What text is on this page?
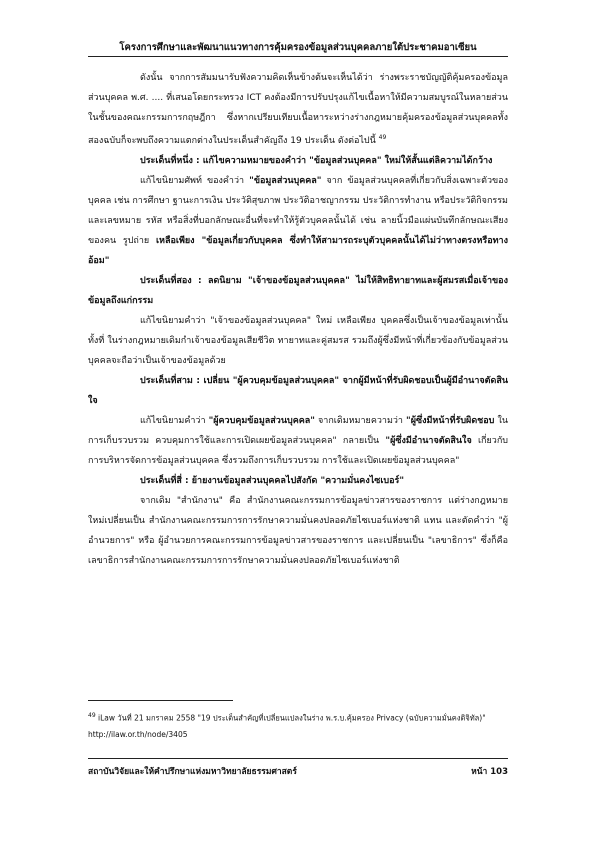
โครงการศึกษาและพัฒนาแนวทางการคุ้มครองข้อมูลส่วนบุคคลภายใต้ประชาคมอาเซียน

ดังนั้น จากการสัมมนารับฟังความคิดเห็นข้างต้นจะเห็นได้ว่า ร่างพระราชบัญญัติคุ้มครองข้อมูลส่วนบุคคล พ.ศ. .... ที่เสนอโดยกระทรวง ICT คงต้องมีการปรับปรุงแก้ไขเนื้อหาให้มีความสมบูรณ์ในหลายส่วนในชั้นของคณะกรรมการกฤษฎีกา ซึ่งหากเปรียบเทียบเนื้อหาระหว่างร่างกฎหมายคุ้มครองข้อมูลส่วนบุคคลทั้งสองฉบับก็จะพบถึงความแตกต่างในประเด็นสำคัญถึง 19 ประเด็น ดังต่อไปนี้ $^{49}$

ประเด็นที่หนึ่ง : แก้ไขความหมายของคำว่า "ข้อมูลส่วนบุคคล" ใหม่ให้สั้นแต่ลิความได้กว้าง

แก้ไขนิยามศัพท์ ของคำว่า "ข้อมูลส่วนบุคคล" จาก ข้อมูลส่วนบุคคลที่เกี่ยวกับสิ่งเฉพาะตัวของบุคคล เช่น การศึกษา ฐานะการเงิน ประวัติสุขภาพ ประวัติอาชญากรรม ประวัติการทำงาน หรือประวัติกิจกรรม และเลขหมาย รหัส หรือสิ่งที่บอกลักษณะอื่นที่จะทำให้รู้ตัวบุคคลนั้นได้ เช่น ลายนิ้วมือแผ่นบันทึกลักษณะเสียงของคน รูปถ่าย เหลือเพียง "ข้อมูลเกี่ยวกับบุคคล ซึ่งทำให้สามารถระบุตัวบุคคลนั้นได้ไม่ว่าทางตรงหรือทางอ้อม"

ประเด็นที่สอง : ลดนิยาม "เจ้าของข้อมูลส่วนบุคคล" ไม่ให้สิทธิทายาทและผู้สมรสเมื่อเจ้าของข้อมูลถึงแก่กรรม

แก้ไขนิยามคำว่า "เจ้าของข้อมูลส่วนบุคคล" ใหม่ เหลือเพียง บุคคลซึ่งเป็นเจ้าของข้อมูลเท่านั้น ทั้งที่ ในร่างกฎหมายเดิมกำเจ้าของข้อมูลเสียชีวิต ทายาทและคู่สมรส รวมถึงผู้ซึ่งมีหน้าที่เกี่ยวข้องกับข้อมูลส่วนบุคคลจะถือว่าเป็นเจ้าของข้อมูลด้วย

ประเด็นที่สาม : เปลี่ยน "ผู้ควบคุมข้อมูลส่วนบุคคล" จากผู้มีหน้าที่รับผิดชอบเป็นผู้มีอำนาจตัดสินใจ

แก้ไขนิยามคำว่า "ผู้ควบคุมข้อมูลส่วนบุคคล" จากเดิมหมายความว่า "ผู้ซึ่งมีหน้าที่รับผิดชอบ ในการเก็บรวบรวม ควบคุมการใช้และการเปิดเผยข้อมูลส่วนบุคคล" กลายเป็น "ผู้ซึ่งมีอำนาจตัดสินใจ เกี่ยวกับการบริหารจัดการข้อมูลส่วนบุคคล ซึ่งรวมถึงการเก็บรวบรวม การใช้และเปิดเผยข้อมูลส่วนบุคคล"

ประเด็นที่สี่ : ย้ายงานข้อมูลส่วนบุคคลไปสังกัด "ความมั่นคงไซเบอร์"

จากเดิม "สำนักงาน" คือ สำนักงานคณะกรรมการข้อมูลข่าวสารของราชการ แต่ร่างกฎหมายใหม่เปลี่ยนเป็น สำนักงานคณะกรรมการการรักษาความมั่นคงปลอดภัยไซเบอร์แห่งชาติ แทน และตัดคำว่า "ผู้อำนวยการ" หรือ ผู้อำนวยการคณะกรรมการข้อมูลข่าวสารของราชการ และเปลี่ยนเป็น "เลขาธิการ" ซึ่งก็คือ เลขาธิการสำนักงานคณะกรรมการการรักษาความมั่นคงปลอดภัยไซเบอร์แห่งชาติ

$^{49}$ iLaw วันที่ 21 มกราคม 2558 "19 ประเด็นสำคัญที่เปลี่ยนแปลงในร่าง พ.ร.บ.คุ้มครอง Privacy (ฉบับความมั่นคงดิจิทัล)" http://ilaw.or.th/node/3405
สถาบันวิจัยและให้คำปรึกษาแห่งมหาวิทยาลัยธรรมศาสตร์	หน้า 103
